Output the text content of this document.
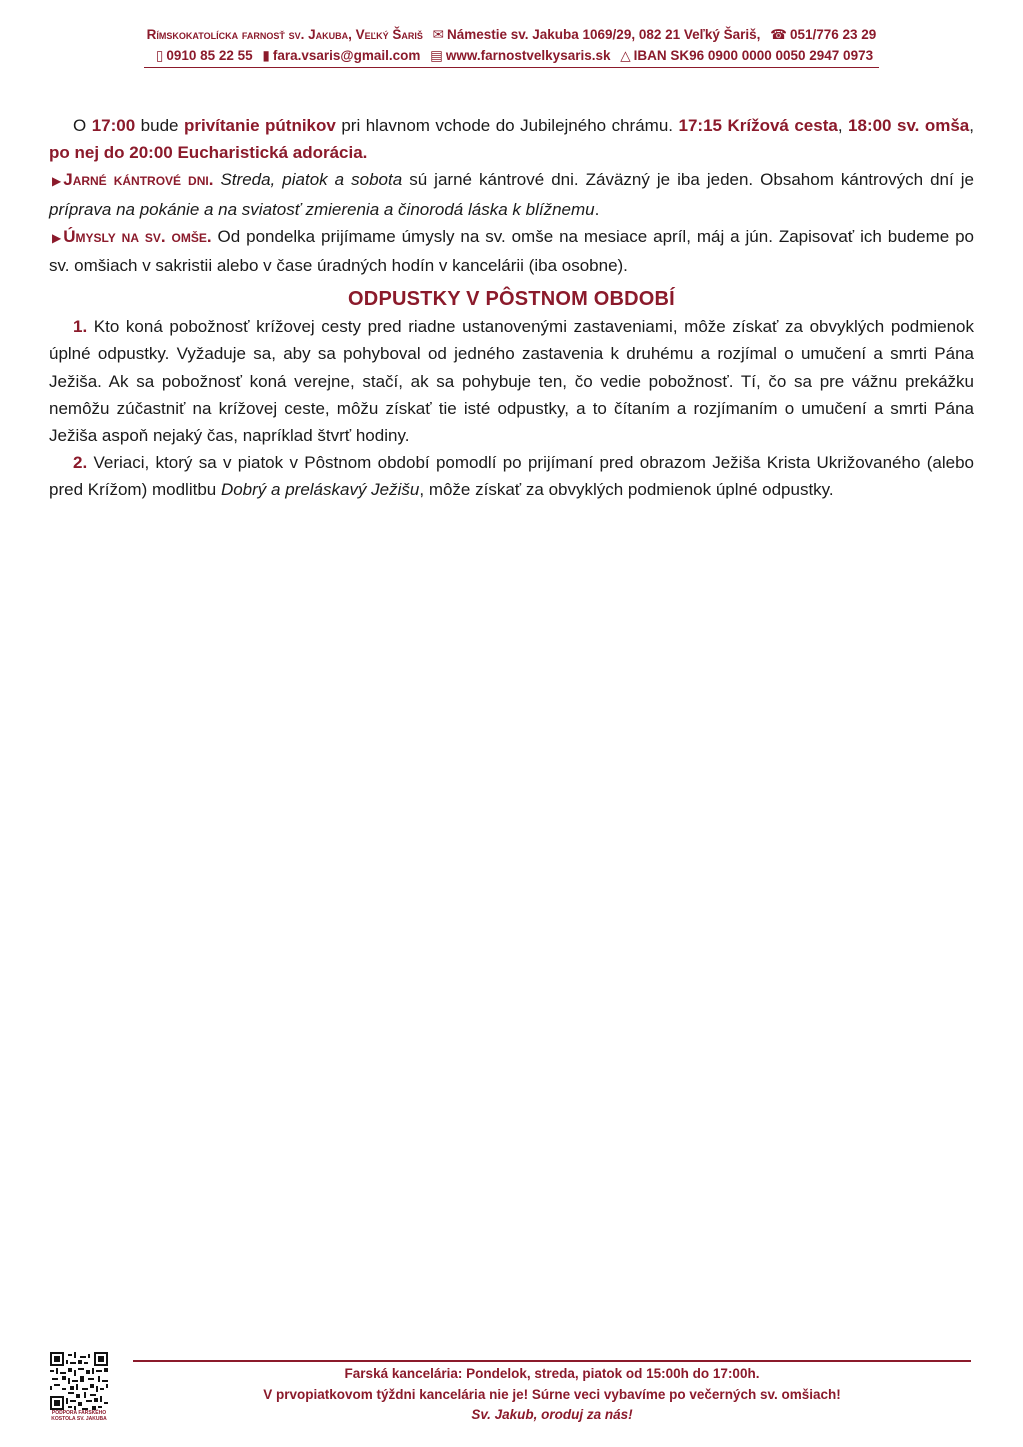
Rímskokatolícka farnosť sv. Jakuba, Veľký Šariš ✉ Námestie sv. Jakuba 1069/29, 082 21 Veľký Šariš, ☎ 051/776 23 29
▯ 0910 85 22 55 ▮ fara.vsaris@gmail.com ▤ www.farnostvelkysaris.sk △ IBAN SK96 0900 0000 0050 2947 0973

O 17:00 bude privítanie pútnikov pri hlavnom vchode do Jubilejného chrámu. 17:15 Krížová cesta, 18:00 sv. omša, po nej do 20:00 Eucharistická adorácia.

▶ Jarné kántrové dni. Streda, piatok a sobota sú jarné kántrové dni. Záväzný je iba jeden. Obsahom kántrových dní je príprava na pokánie a na sviatosť zmierenia a činorodá láska k blížnemu.

▶ Úmysly na sv. omše. Od pondelka prijímame úmysly na sv. omše na mesiace apríl, máj a jún. Zapisovať ich budeme po sv. omšiach v sakristii alebo v čase úradných hodín v kancelárii (iba osobne).

ODPUSTKY V PÔSTNOM OBDOBÍ

1. Kto koná pobožnosť krížovej cesty pred riadne ustanovenými zastaveniami, môže získať za obvyklých podmienok úplné odpustky. Vyžaduje sa, aby sa pohyboval od jedného zastavenia k druhému a rozjímal o umučení a smrti Pána Ježiša. Ak sa pobožnosť koná verejne, stačí, ak sa pohybuje ten, čo vedie pobožnosť. Tí, čo sa pre vážnu prekážku nemôžu zúčastniť na krížovej ceste, môžu získať tie isté odpustky, a to čítaním a rozjímaním o umučení a smrti Pána Ježiša aspoň nejaký čas, napríklad štvrť hodiny.

2. Veriaci, ktorý sa v piatok v Pôstnom období pomodlí po prijímaní pred obrazom Ježiša Krista Ukrižovaného (alebo pred Krížom) modlitbu Dobrý a preláskavý Ježišu, môže získať za obvyklých podmienok úplné odpustky.

PODPORA FARSKÉHO
KOSTOLA SV. JAKUBA
Farská kancelária: Pondelok, streda, piatok od 15:00h do 17:00h.
V prvopiatkovom týždni kancelária nie je! Súrne veci vybavíme po večerných sv. omšiach!
Sv. Jakub, oroduj za nás!
